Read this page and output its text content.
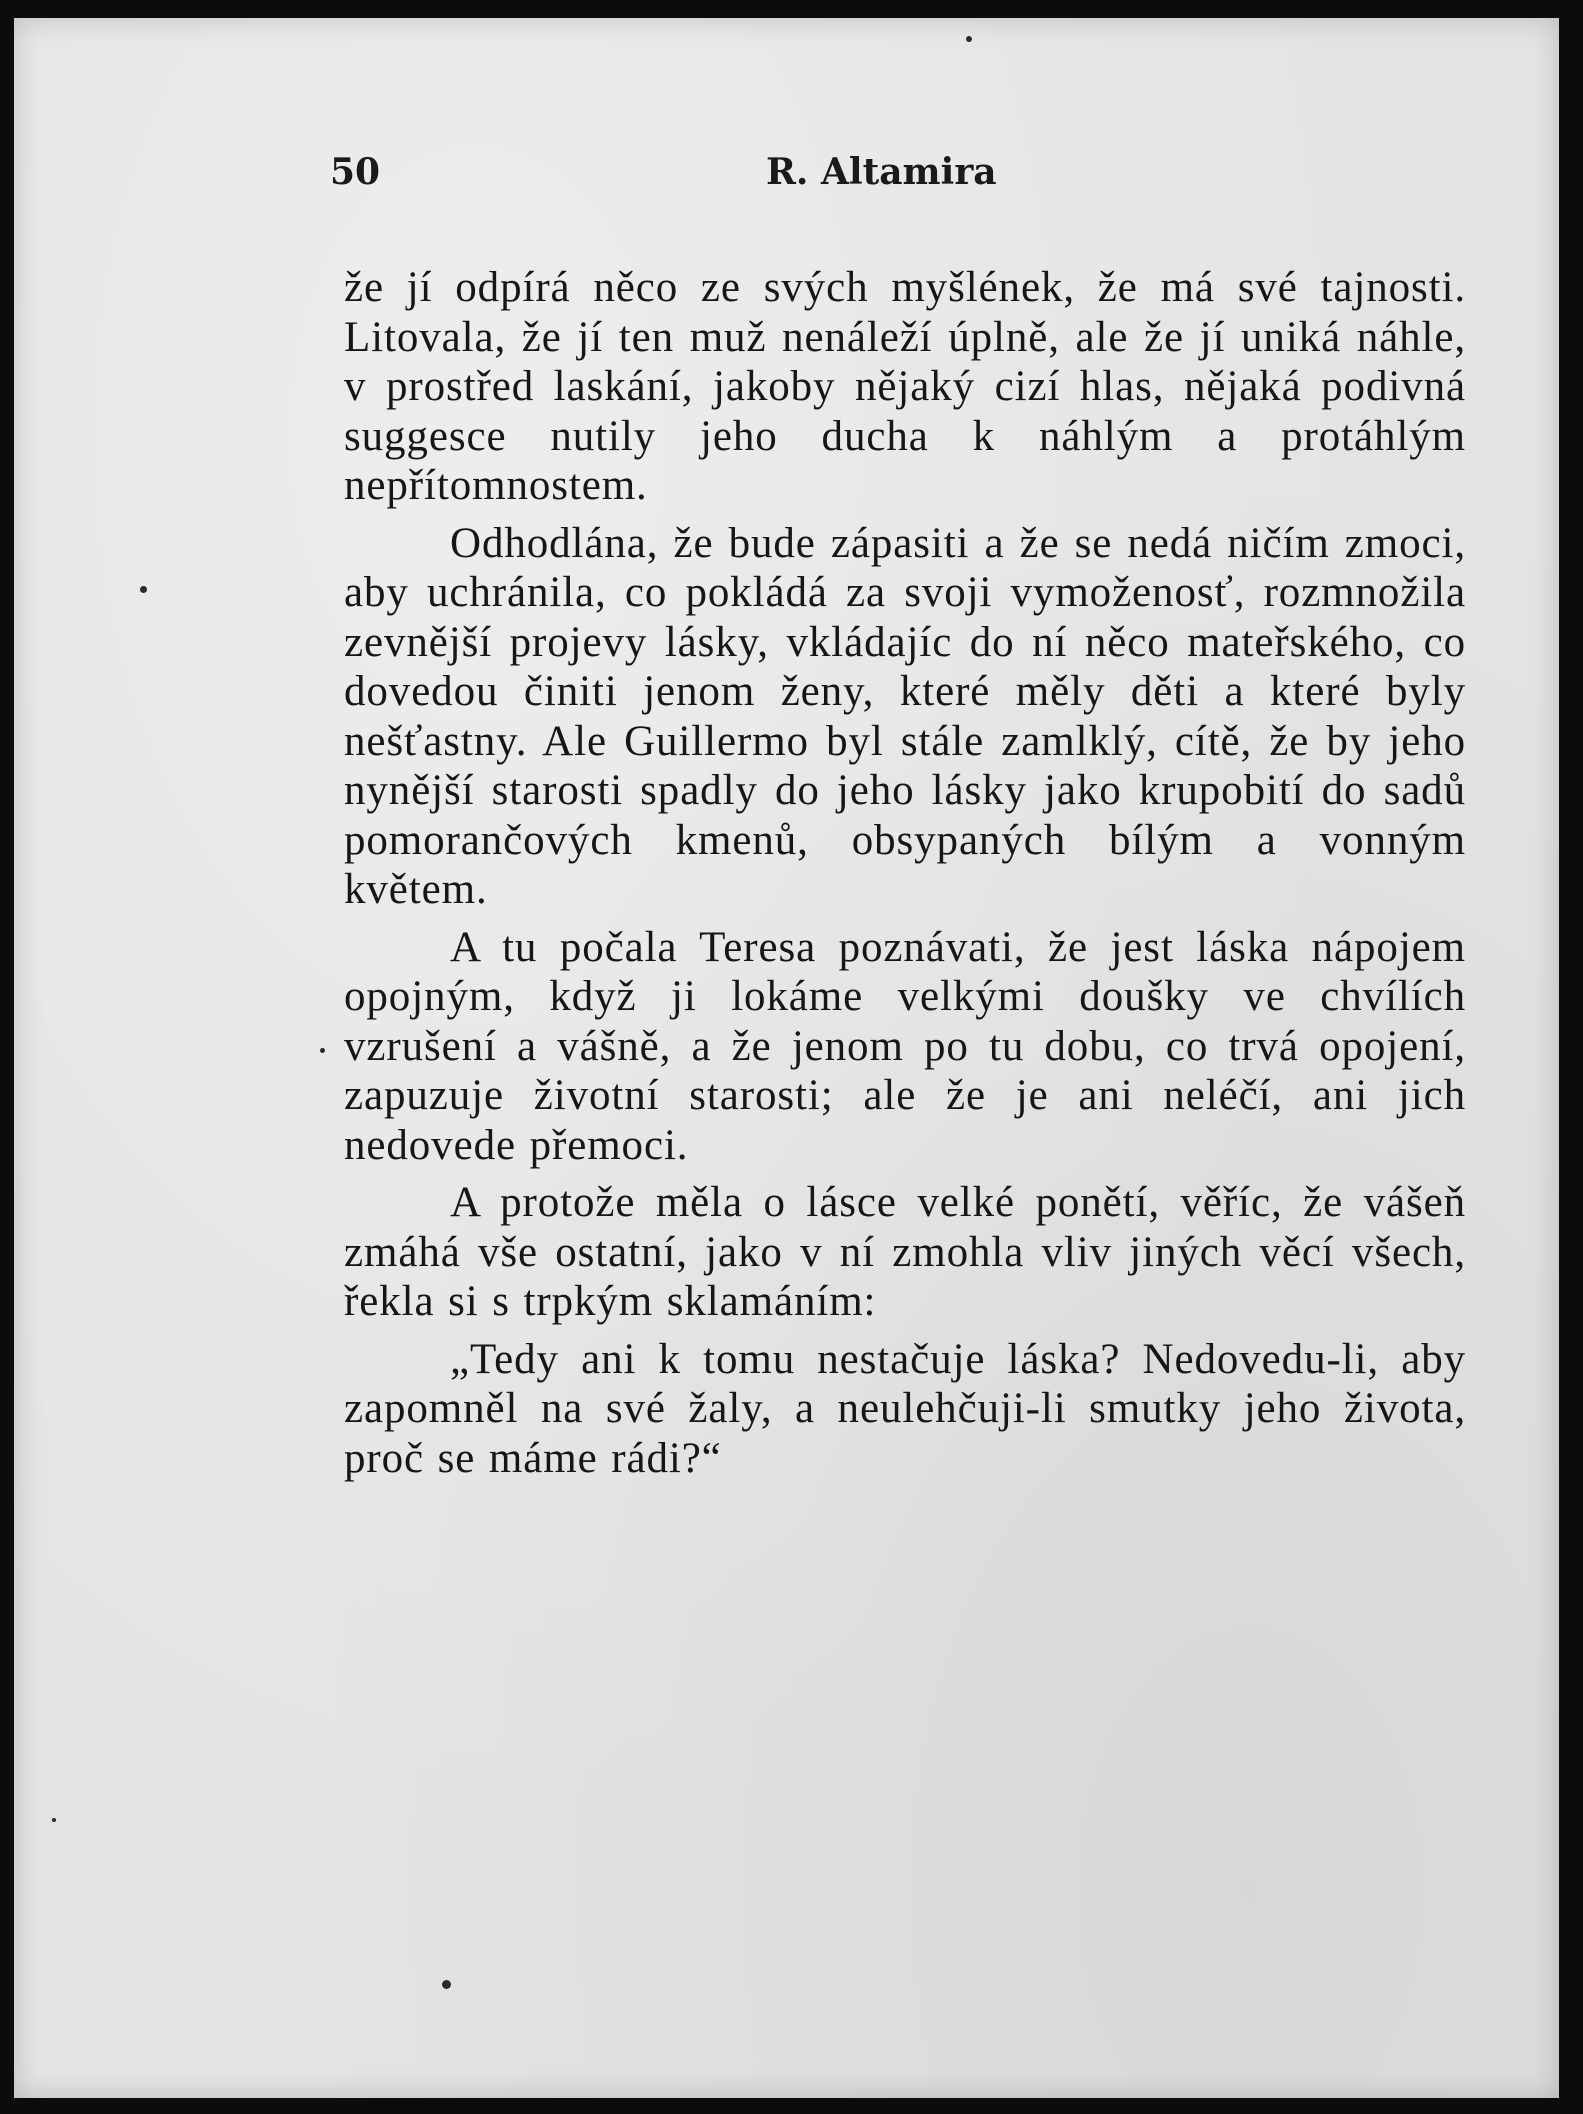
50	R. Altamira

že jí odpírá něco ze svých myšlének, že má své tajnosti. Litovala, že jí ten muž nenáleží úplně, ale že jí uniká náhle, v prostřed laskání, jakoby nějaký cizí hlas, nějaká podivná suggesce nutily jeho ducha k náhlým a protáhlým nepřítomnostem.

Odhodlána, že bude zápasiti a že se nedá ničím zmoci, aby uchránila, co pokládá za svoji vymoženosť, rozmnožila zevnější projevy lásky, vkládajíc do ní něco mateřského, co dovedou činiti jenom ženy, které měly děti a které byly nešťastny. Ale Guillermo byl stále zamlklý, cítě, že by jeho nynější starosti spadly do jeho lásky jako krupobití do sadů pomorančových kmenů, obsypaných bílým a vonným květem.

A tu počala Teresa poznávati, že jest láska nápojem opojným, když ji lokáme velkými doušky ve chvílích vzrušení a vášně, a že jenom po tu dobu, co trvá opojení, zapuzuje životní starosti; ale že je ani neléčí, ani jich nedovede přemoci.

A protože měla o lásce velké ponětí, věříc, že vášeň zmáhá vše ostatní, jako v ní zmohla vliv jiných věcí všech, řekla si s trpkým sklamáním:

„Tedy ani k tomu nestačuje láska? Nedovedu-li, aby zapomněl na své žaly, a neulehčuji-li smutky jeho života, proč se máme rádi?“
